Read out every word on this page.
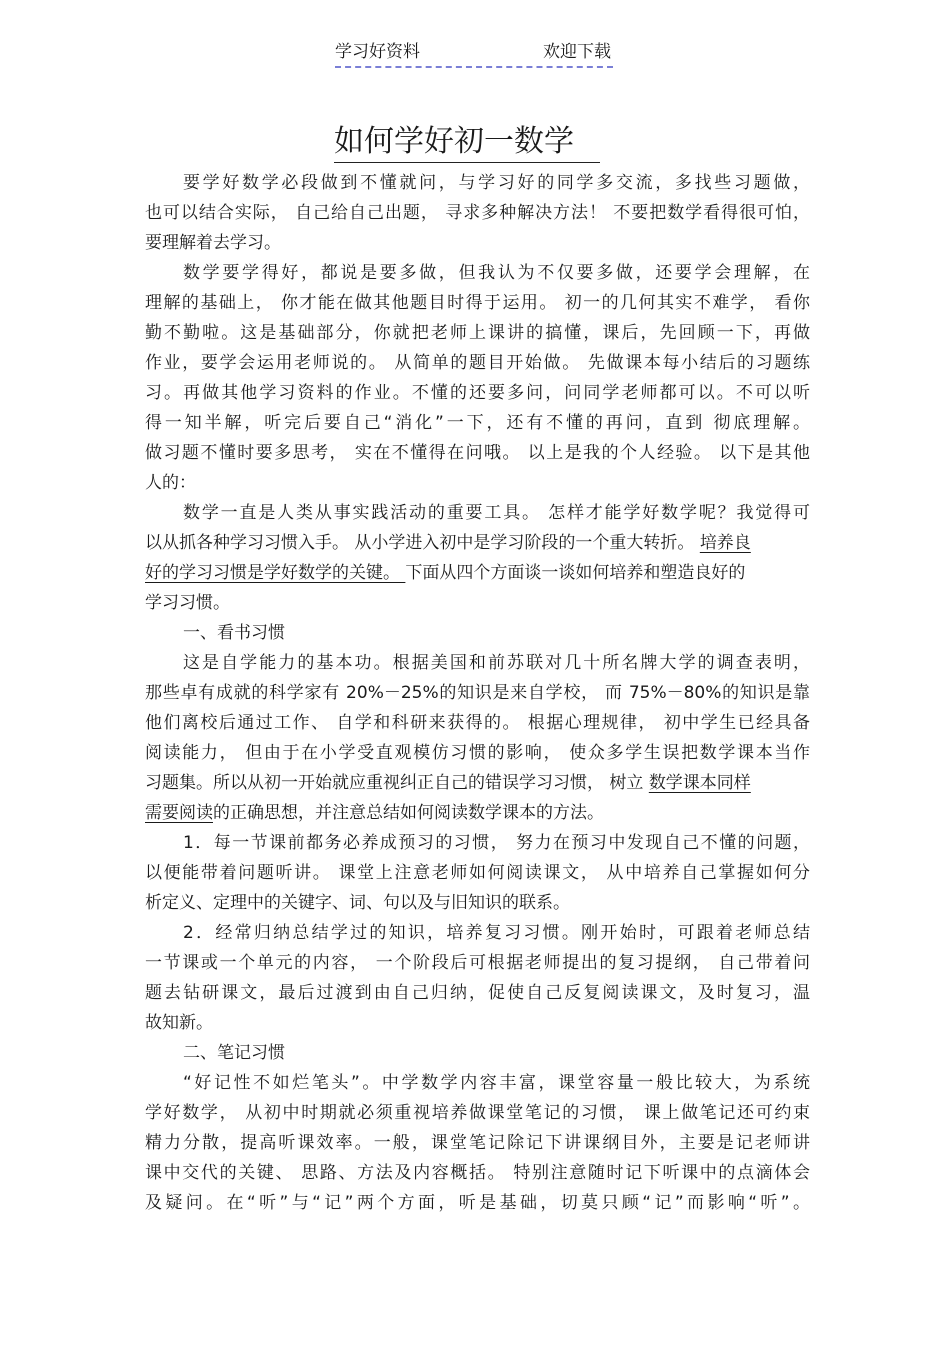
学习好资料	欢迎下载
如何学好初一数学
要学好数学必段做到不懂就问，与学习好的同学多交流，多找些习题做，
也可以结合实际， 自己给自己出题， 寻求多种解决方法！ 不要把数学看得很可怕，
要理解着去学习。
数学要学得好，都说是要多做，但我认为不仅要多做，还要学会理解，在
理解的基础上， 你才能在做其他题目时得于运用。 初一的几何其实不难学， 看你
勤不勤啦。这是基础部分，你就把老师上课讲的搞懂，课后，先回顾一下，再做
作业，要学会运用老师说的。 从简单的题目开始做。 先做课本每小结后的习题练
习。再做其他学习资料的作业。不懂的还要多问，问同学老师都可以。不可以听
得一知半解，听完后要自己“消化”一下，还有不懂的再问，直到 彻底理解。
做习题不懂时要多思考， 实在不懂得在问哦。 以上是我的个人经验。 以下是其他
人的：
数学一直是人类从事实践活动的重要工具。 怎样才能学好数学呢？我觉得可
以从抓各种学习习惯入手。 从小学进入初中是学习阶段的一个重大转折。 培养良
好的学习习惯是学好数学的关键。 下面从四个方面谈一谈如何培养和塑造良好的
学习习惯。
一、看书习惯
这是自学能力的基本功。根据美国和前苏联对几十所名牌大学的调查表明，
那些卓有成就的科学家有 20%－25%的知识是来自学校， 而 75%－80%的知识是靠
他们离校后通过工作、 自学和科研来获得的。 根据心理规律， 初中学生已经具备
阅读能力， 但由于在小学受直观模仿习惯的影响， 使众多学生误把数学课本当作
习题集。所以从初一开始就应重视纠正自己的错误学习习惯， 树立 数学课本同样
需要阅读的正确思想，并注意总结如何阅读数学课本的方法。
1．每一节课前都务必养成预习的习惯， 努力在预习中发现自己不懂的问题，
以便能带着问题听讲。 课堂上注意老师如何阅读课文， 从中培养自己掌握如何分
析定义、定理中的关键字、词、句以及与旧知识的联系。
2．经常归纳总结学过的知识，培养复习习惯。刚开始时，可跟着老师总结
一节课或一个单元的内容， 一个阶段后可根据老师提出的复习提纲， 自己带着问
题去钻研课文，最后过渡到由自己归纳，促使自己反复阅读课文，及时复习，温
故知新。
二、笔记习惯
“好记性不如烂笔头”。中学数学内容丰富，课堂容量一般比较大，为系统
学好数学， 从初中时期就必须重视培养做课堂笔记的习惯， 课上做笔记还可约束
精力分散，提高听课效率。一般，课堂笔记除记下讲课纲目外，主要是记老师讲
课中交代的关键、 思路、方法及内容概括。 特别注意随时记下听课中的点滴体会
及疑问。在“听”与“记”两个方面，听是基础，切莫只顾“记”而影响“听”。
